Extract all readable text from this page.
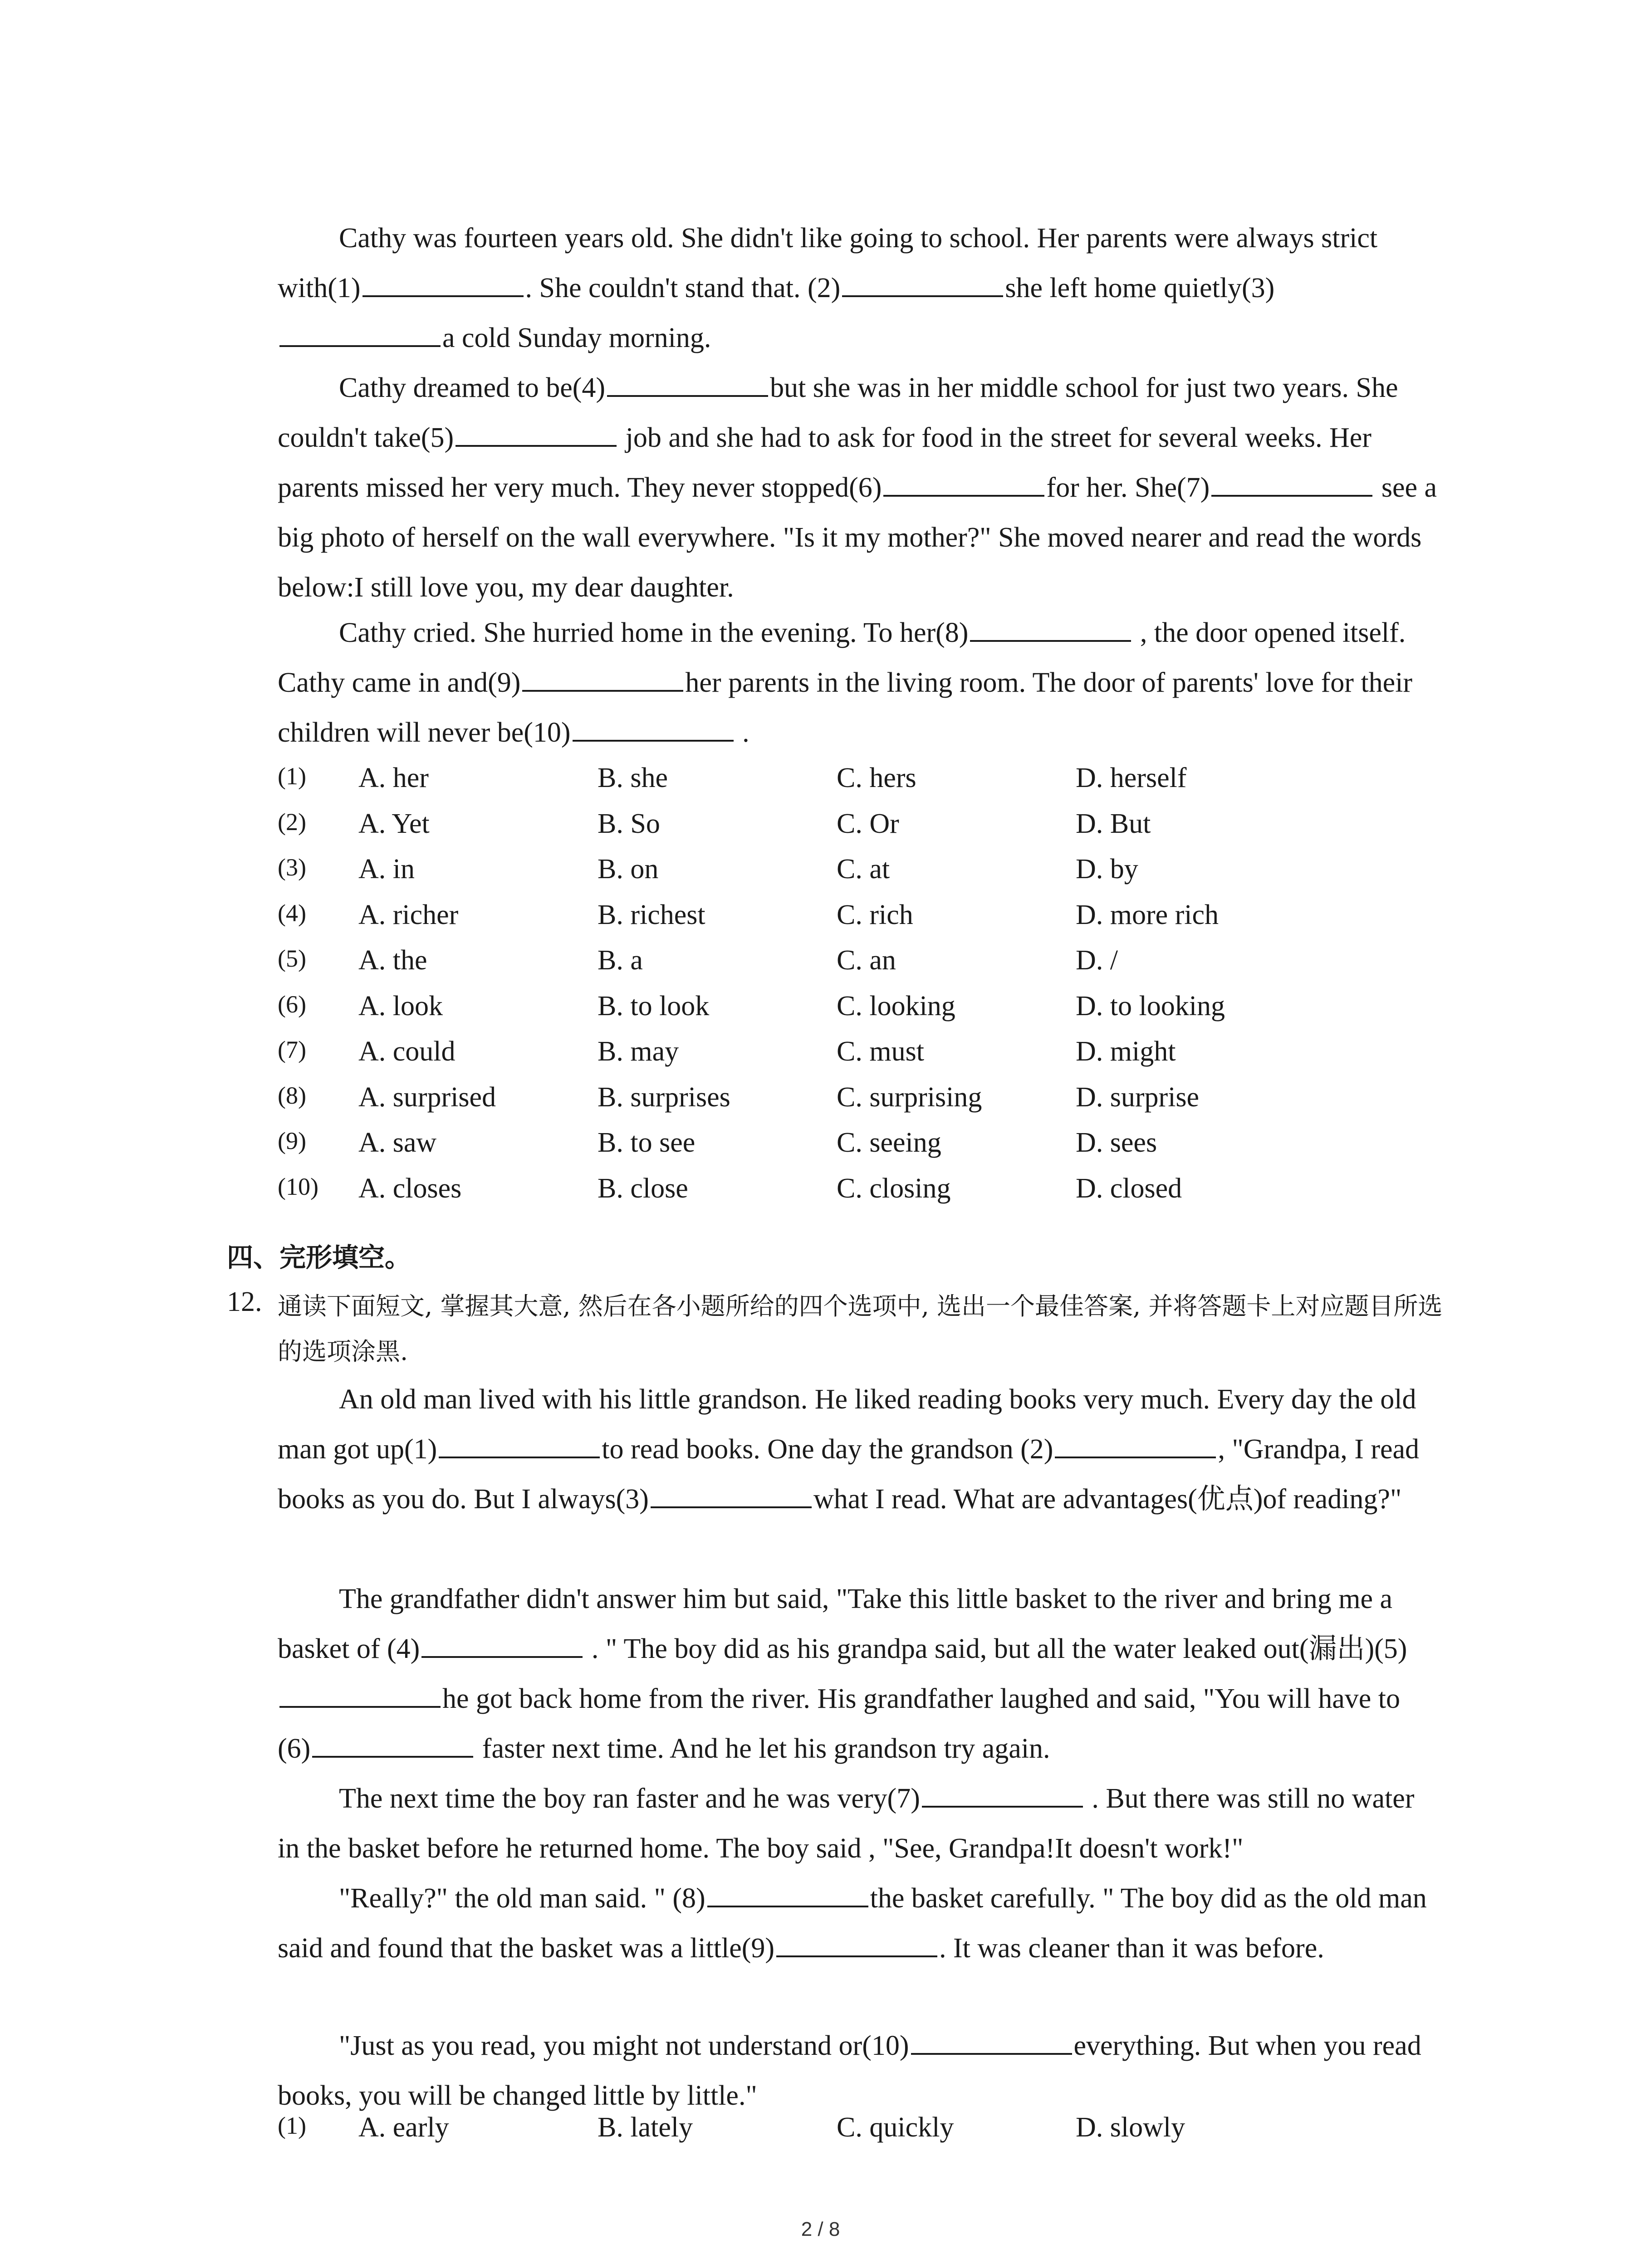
Cathy was fourteen years old. She didn't like going to school. Her parents were always strict with(1)	. She couldn't stand that. (2)	she left home quietly(3)a cold Sunday morning.

Cathy dreamed to be(4)	but she was in her middle school for just two years. She couldn't take(5)	job and she had to ask for food in the street for several weeks. Her parents missed her very much. They never stopped(6)	for her. She(7)	see a big photo of herself on the wall everywhere. "Is it my mother?" She moved nearer and read the words below:I still love you, my dear daughter.

Cathy cried. She hurried home in the evening. To her(8)	, the door opened itself. Cathy came in and(9)	her parents in the living room. The door of parents' love for their children will never be(10)	.

(1) A. her	B. she	C. hers	D. herself
(2) A. Yet	B. So	C. Or	D. But
(3) A. in	B. on	C. at	D. by
(4) A. richer	B. richest	C. rich	D. more rich
(5) A. the	B. a	C. an	D. /
(6) A. look	B. to look	C. looking	D. to looking
(7) A. could	B. may	C. must	D. might
(8) A. surprised	B. surprises	C. surprising	D. surprise
(9) A. saw	B. to see	C. seeing	D. sees
(10) A. closes	B. close	C. closing	D. closed
四、完形填空。
12. 通读下面短文, 掌握其大意, 然后在各小题所给的四个选项中, 选出一个最佳答案, 并将答题卡上对应题目所选的选项涂黑.

An old man lived with his little grandson. He liked reading books very much. Every day the old man got up(1)	to read books. One day the grandson (2)	, "Grandpa, I read books as you do. But I always(3)	what I read. What are advantages(优点)of reading?"

The grandfather didn't answer him but said, "Take this little basket to the river and bring me a basket of (4)	. " The boy did as his grandpa said, but all the water leaked out(漏出)(5)he got back home from the river. His grandfather laughed and said, "You will have to (6)	faster next time. And he let his grandson try again.

The next time the boy ran faster and he was very(7)	. But there was still no water in the basket before he returned home. The boy said , "See, Grandpa!It doesn't work!"

"Really?" the old man said. " (8)	the basket carefully. " The boy did as the old man said and found that the basket was a little(9)	. It was cleaner than it was before.

"Just as you read, you might not understand or(10)	everything. But when you read books, you will be changed little by little."

(1) A. early	B. lately	C. quickly	D. slowly
2 / 8
